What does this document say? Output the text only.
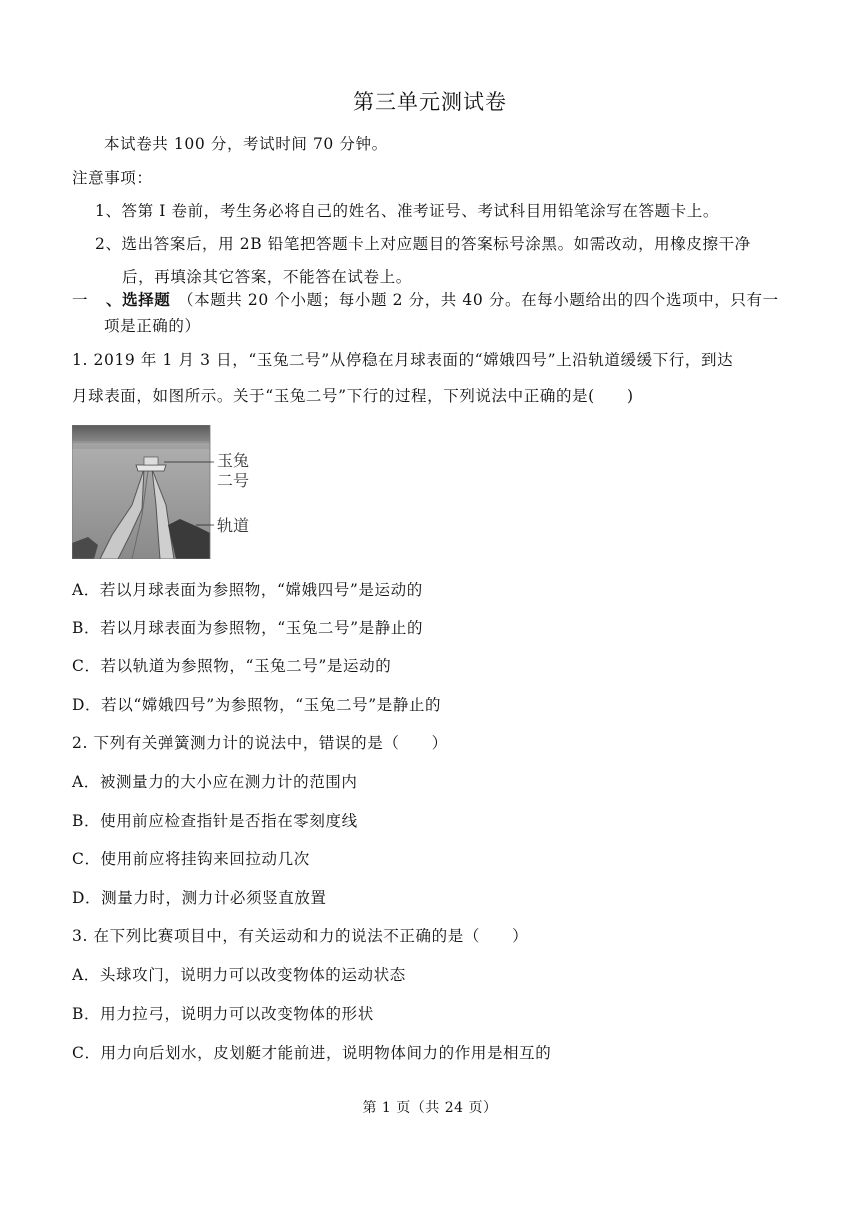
第三单元测试卷
本试卷共 100 分，考试时间 70 分钟。
注意事项：
1、答第 I 卷前，考生务必将自己的姓名、准考证号、考试科目用铅笔涂写在答题卡上。
2、选出答案后，用 2B 铅笔把答题卡上对应题目的答案标号涂黑。如需改动，用橡皮擦干净
后，再填涂其它答案，不能答在试卷上。
一 、选择题 （本题共 20 个小题；每小题 2 分，共 40 分。在每小题给出的四个选项中，只有一
项是正确的）
1. 2019 年 1 月 3 日，“玉兔二号”从停稳在月球表面的“嫦娥四号”上沿轨道缓缓下行，到达
月球表面，如图所示。关于“玉兔二号”下行的过程，下列说法中正确的是(　　)
玉兔
二号
轨道
A．若以月球表面为参照物，“嫦娥四号”是运动的
B．若以月球表面为参照物，“玉兔二号”是静止的
C．若以轨道为参照物，“玉兔二号”是运动的
D．若以“嫦娥四号”为参照物，“玉兔二号”是静止的
2. 下列有关弹簧测力计的说法中，错误的是（　　）
A．被测量力的大小应在测力计的范围内
B．使用前应检查指针是否指在零刻度线
C．使用前应将挂钩来回拉动几次
D．测量力时，测力计必须竖直放置
3. 在下列比赛项目中，有关运动和力的说法不正确的是（　　）
A．头球攻门，说明力可以改变物体的运动状态
B．用力拉弓，说明力可以改变物体的形状
C．用力向后划水，皮划艇才能前进，说明物体间力的作用是相互的
第 1 页（共 24 页）
